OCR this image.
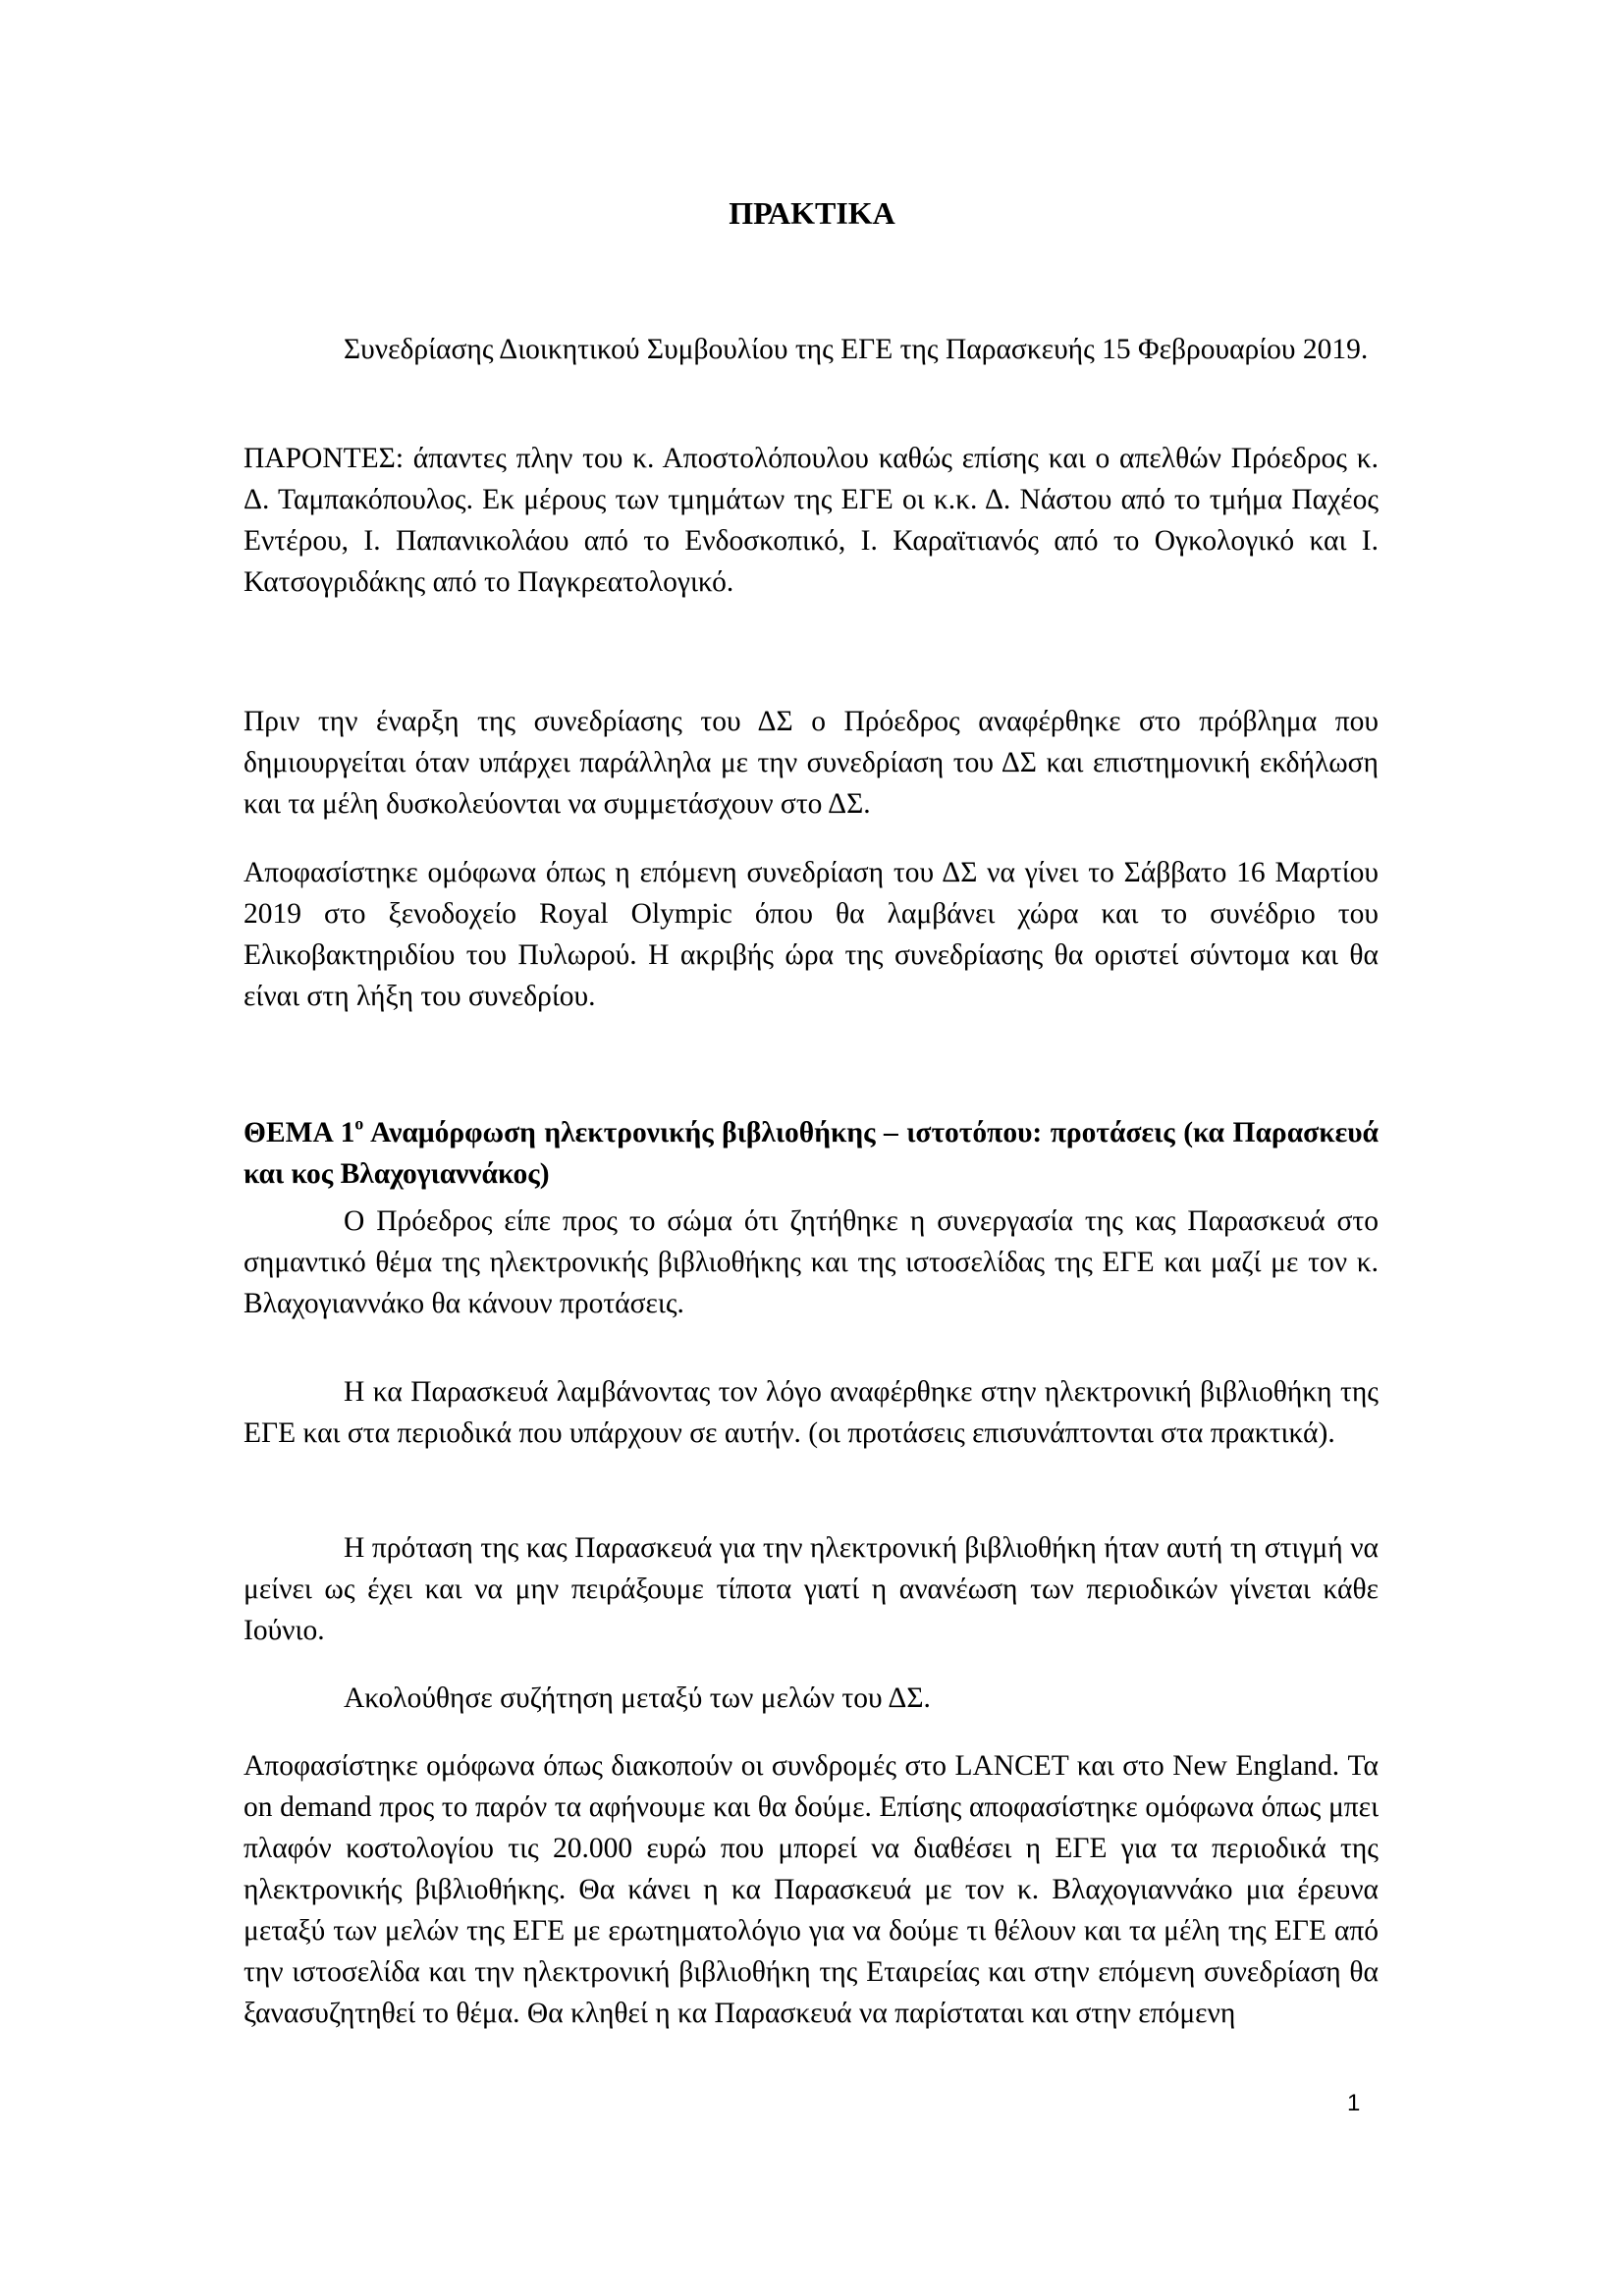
ΠΡΑΚΤΙΚΑ

Συνεδρίασης Διοικητικού Συμβουλίου της ΕΓΕ της Παρασκευής 15 Φεβρουαρίου 2019.

ΠΑΡΟΝΤΕΣ: άπαντες πλην του κ. Αποστολόπουλου καθώς επίσης και ο απελθών Πρόεδρος κ. Δ. Ταμπακόπουλος. Εκ μέρους των τμημάτων της ΕΓΕ οι κ.κ. Δ. Νάστου από το τμήμα Παχέος Εντέρου, Ι. Παπανικολάου από το Ενδοσκοπικό, Ι. Καραϊτιανός από το Ογκολογικό και Ι. Κατσογριδάκης από το Παγκρεατολογικό.

Πριν την έναρξη της συνεδρίασης του ΔΣ ο Πρόεδρος αναφέρθηκε στο πρόβλημα που δημιουργείται όταν υπάρχει παράλληλα με την συνεδρίαση του ΔΣ και επιστημονική εκδήλωση και τα μέλη δυσκολεύονται να συμμετάσχουν στο ΔΣ.

Αποφασίστηκε ομόφωνα όπως η επόμενη συνεδρίαση του ΔΣ να γίνει το Σάββατο 16 Μαρτίου 2019 στο ξενοδοχείο Royal Olympic όπου θα λαμβάνει χώρα και το συνέδριο του Ελικοβακτηριδίου του Πυλωρού. Η ακριβής ώρα της συνεδρίασης θα οριστεί σύντομα και θα είναι στη λήξη του συνεδρίου.

ΘΕΜΑ $1^o$ Αναμόρφωση ηλεκτρονικής βιβλιοθήκης – ιστοτόπου: προτάσεις (κα Παρασκευά και κος Βλαχογιαννάκος)

Ο Πρόεδρος είπε προς το σώμα ότι ζητήθηκε η συνεργασία της κας Παρασκευά στο σημαντικό θέμα της ηλεκτρονικής βιβλιοθήκης και της ιστοσελίδας της ΕΓΕ και μαζί με τον κ. Βλαχογιαννάκο θα κάνουν προτάσεις.

Η κα Παρασκευά λαμβάνοντας τον λόγο αναφέρθηκε στην ηλεκτρονική βιβλιοθήκη της ΕΓΕ και στα περιοδικά που υπάρχουν σε αυτήν. (οι προτάσεις επισυνάπτονται στα πρακτικά).

Η πρόταση της κας Παρασκευά για την ηλεκτρονική βιβλιοθήκη ήταν αυτή τη στιγμή να μείνει ως έχει και να μην πειράξουμε τίποτα γιατί η ανανέωση των περιοδικών γίνεται κάθε Ιούνιο.

Ακολούθησε συζήτηση μεταξύ των μελών του ΔΣ.

Αποφασίστηκε ομόφωνα όπως διακοπούν οι συνδρομές στο LANCET και στο New England. Τα on demand προς το παρόν τα αφήνουμε και θα δούμε. Επίσης αποφασίστηκε ομόφωνα όπως μπει πλαφόν κοστολογίου τις 20.000 ευρώ που μπορεί να διαθέσει η ΕΓΕ για τα περιοδικά της ηλεκτρονικής βιβλιοθήκης. Θα κάνει η κα Παρασκευά με τον κ. Βλαχογιαννάκο μια έρευνα μεταξύ των μελών της ΕΓΕ με ερωτηματολόγιο για να δούμε τι θέλουν και τα μέλη της ΕΓΕ από την ιστοσελίδα και την ηλεκτρονική βιβλιοθήκη της Εταιρείας και στην επόμενη συνεδρίαση θα ξανασυζητηθεί το θέμα. Θα κληθεί η κα Παρασκευά να παρίσταται και στην επόμενη

1
